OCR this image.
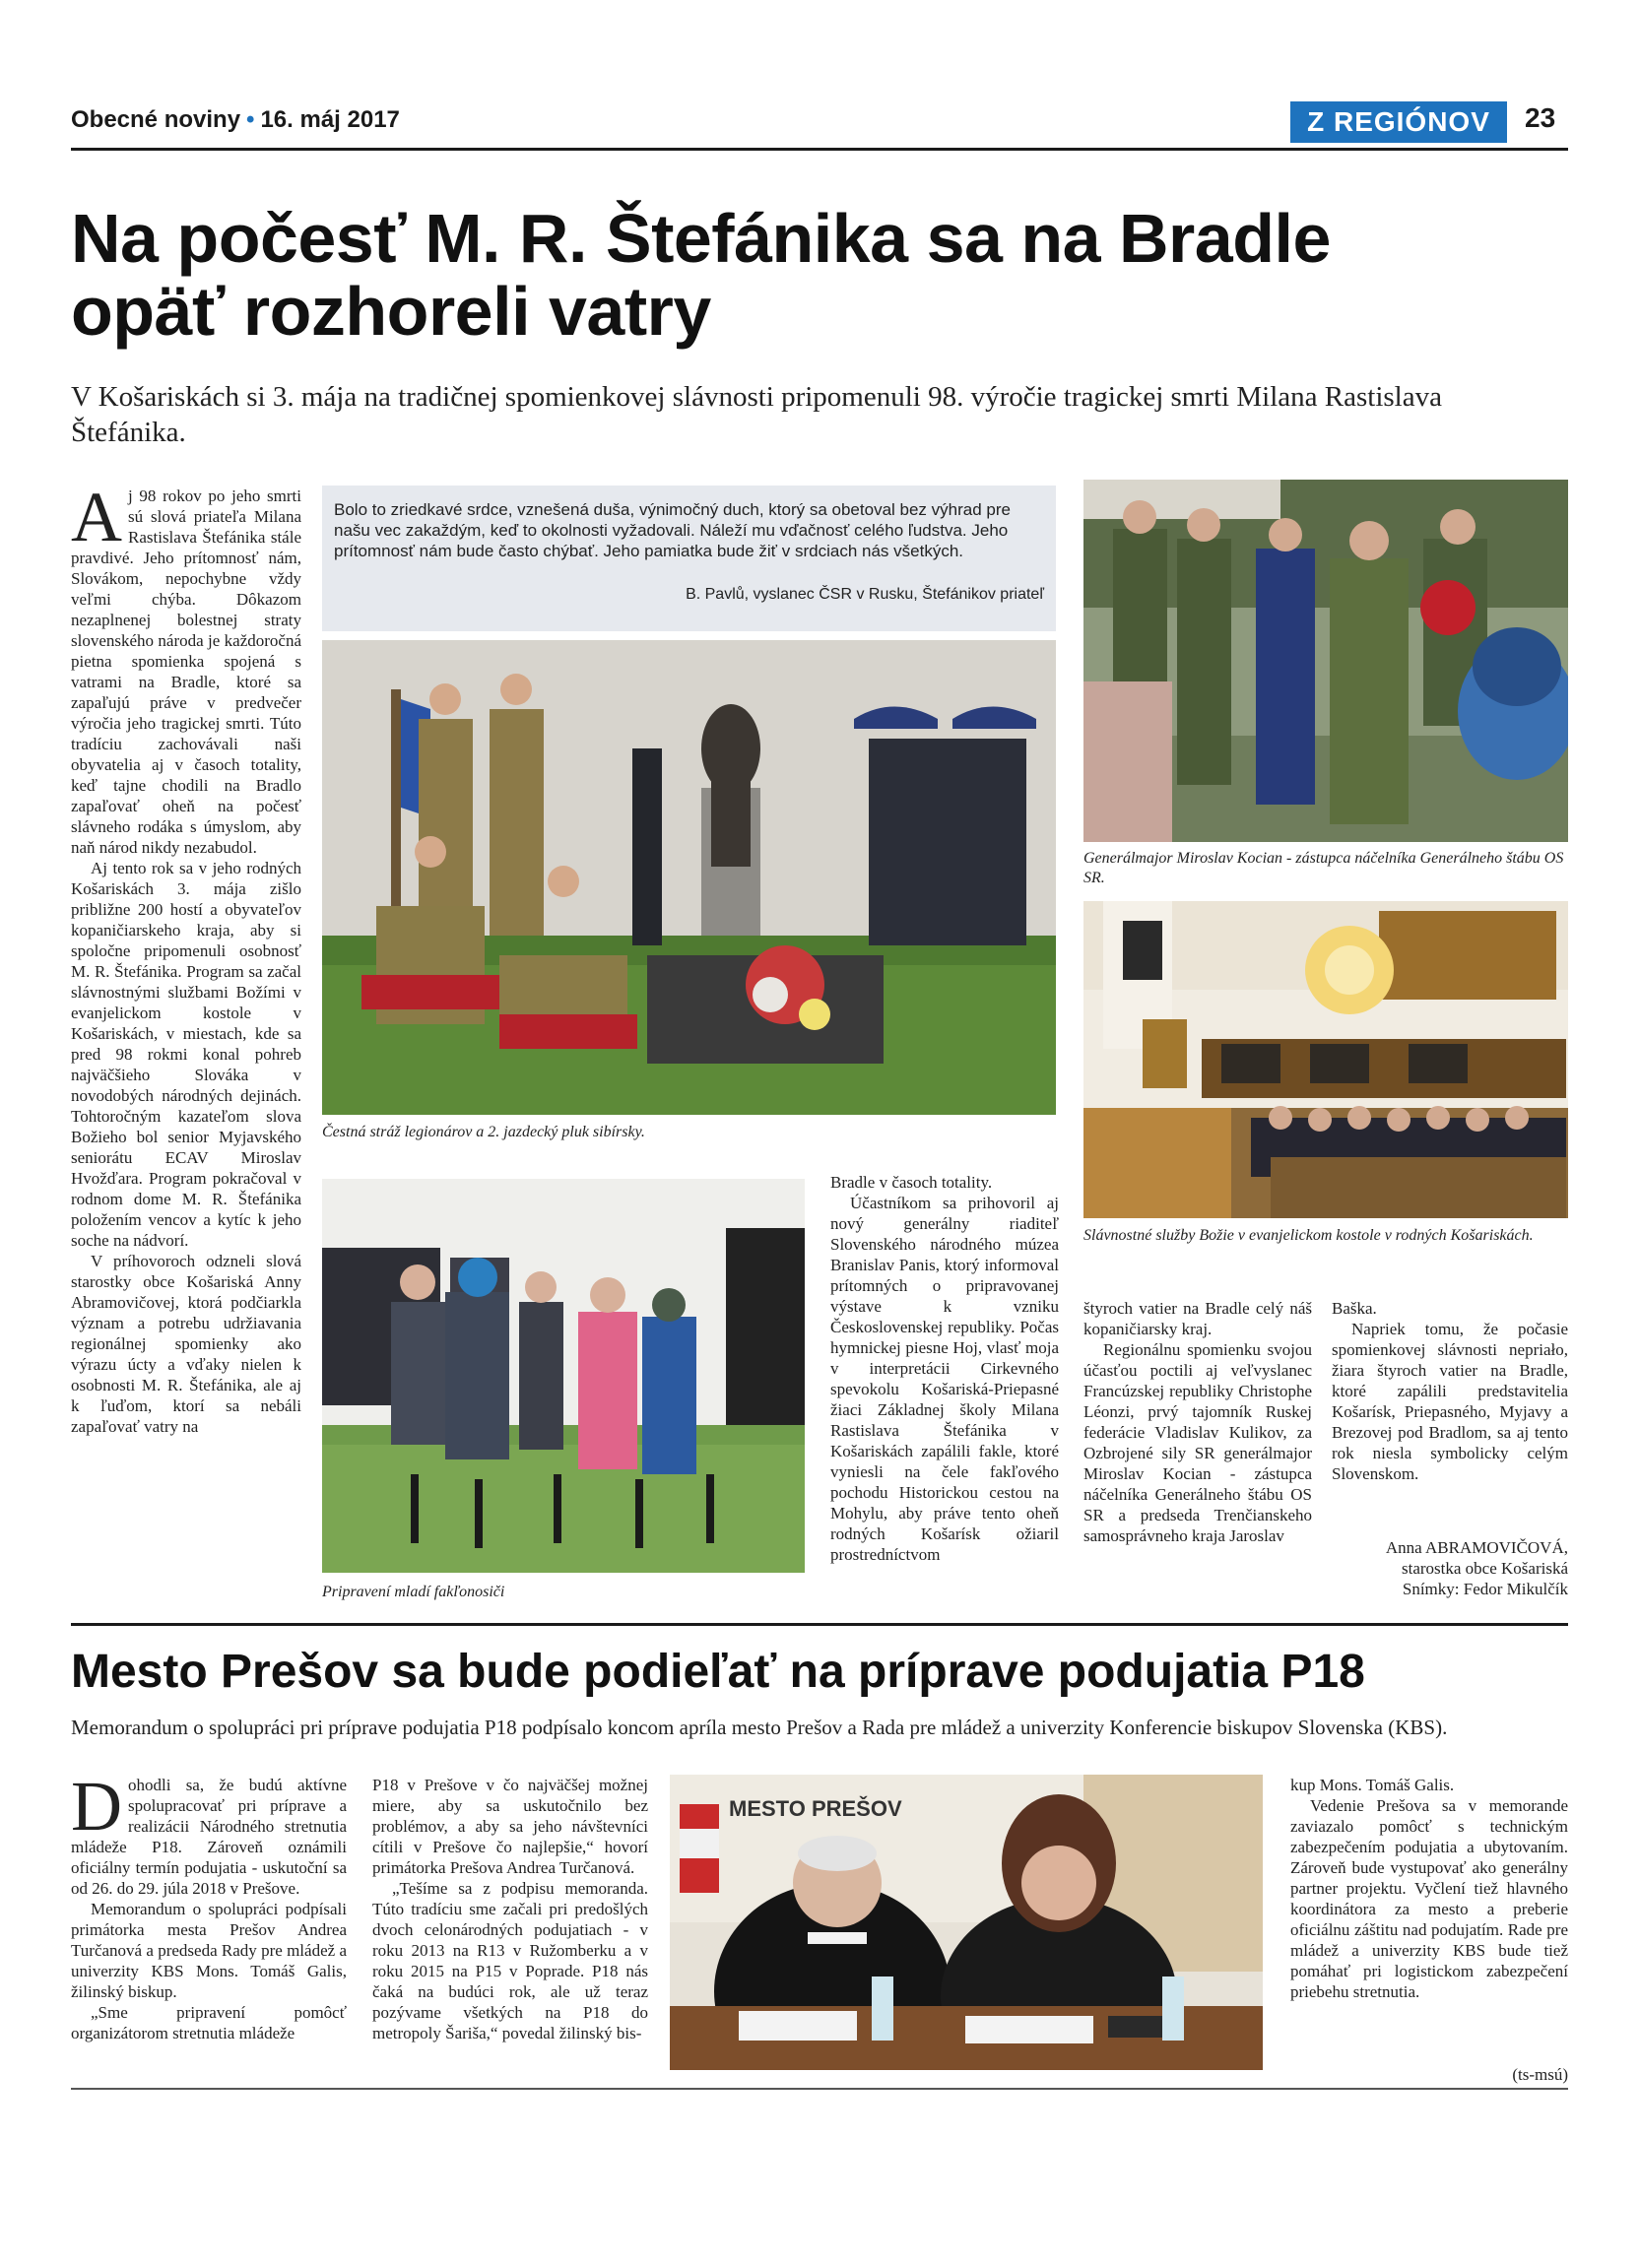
Obecné noviny • 16. máj 2017	Z REGIÓNOV	23
Na počesť M. R. Štefánika sa na Bradle
opäť rozhoreli vatry
V Košariskách si 3. mája na tradičnej spomienkovej slávnosti pripomenuli 98. výročie tragickej smrti Milana Rastislava Štefánika.

Aj 98 rokov po jeho smrti sú slová priateľa Milana Rastislava Štefánika stále pravdivé. Jeho prítomnosť nám, Slovákom, nepochybne vždy veľmi chýba. Dôkazom nezaplnenej bolestnej straty slovenského národa je každoročná pietna spomienka spojená s vatrami na Bradle, ktoré sa zapaľujú práve v predvečer výročia jeho tragickej smrti. Túto tradíciu zachovávali naši obyvatelia aj v časoch totality, keď tajne chodili na Bradlo zapaľovať oheň na počesť slávneho rodáka s úmyslom, aby naň národ nikdy nezabudol.

Aj tento rok sa v jeho rodných Košariskách 3. mája zišlo približne 200 hostí a obyvateľov kopaničiarskeho kraja, aby si spoločne pripomenuli osobnosť M. R. Štefánika. Program sa začal slávnostnými službami Božími v evanjelickom kostole v Košariskách, v miestach, kde sa pred 98 rokmi konal pohreb najväčšieho Slováka v novodobých národných dejinách. Tohtoročným kazateľom slova Božieho bol senior Myjavského seniorátu ECAV Miroslav Hvožďara. Program pokračoval v rodnom dome M. R. Štefánika položením vencov a kytíc k jeho soche na nádvorí.

V príhovoroch odzneli slová starostky obce Košariská Anny Abramovičovej, ktorá podčiarkla význam a potrebu udržiavania regionálnej spomienky ako výrazu úcty a vďaky nielen k osobnosti M. R. Štefánika, ale aj k ľuďom, ktorí sa nebáli zapaľovať vatry na

Bolo to zriedkavé srdce, vznešená duša, výnimočný duch, ktorý sa obetoval bez výhrad pre našu vec zakaždým, keď to okolnosti vyžadovali. Náleží mu vďačnosť celého ľudstva. Jeho prítomnosť nám bude často chýbať. Jeho pamiatka bude žiť v srdciach nás všetkých.
B. Pavlů, vyslanec ČSR v Rusku, Štefánikov priateľ
Čestná stráž legionárov a 2. jazdecký pluk sibírsky.
Pripravení mladí fakľonosiči

Bradle v časoch totality.

Účastníkom sa prihovoril aj nový generálny riaditeľ Slovenského národného múzea Branislav Panis, ktorý informoval prítomných o pripravovanej výstave k vzniku Československej republiky. Počas hymnickej piesne Hoj, vlasť moja v interpretácii Cirkevného spevokolu Košariská-Priepasné žiaci Základnej školy Milana Rastislava Štefánika v Košariskách zapálili fakle, ktoré vyniesli na čele fakľového pochodu Historickou cestou na Mohylu, aby práve tento oheň rodných Košarísk ožiaril prostredníctvom

Generálmajor Miroslav Kocian - zástupca náčelníka Generálneho štábu OS SR.
Slávnostné služby Božie v evanjelickom kostole v rodných Košariskách.

štyroch vatier na Bradle celý náš kopaničiarsky kraj.

Regionálnu spomienku svojou účasťou poctili aj veľvyslanec Francúzskej republiky Christophe Léonzi, prvý tajomník Ruskej federácie Vladislav Kulikov, za Ozbrojené sily SR generálmajor Miroslav Kocian - zástupca náčelníka Generálneho štábu OS SR a predseda Trenčianskeho samosprávneho kraja Jaroslav

Baška.

Napriek tomu, že počasie spomienkovej slávnosti nepriało, žiara štyroch vatier na Bradle, ktoré zapálili predstavitelia Košarísk, Priepasného, Myjavy a Brezovej pod Bradlom, sa aj tento rok niesla symbolicky celým Slovenskom.

Anna ABRAMOVIČOVÁ,
starostka obce Košariská
Snímky: Fedor Mikulčík
Mesto Prešov sa bude podieľať na príprave podujatia P18
Memorandum o spolupráci pri príprave podujatia P18 podpísalo koncom apríla mesto Prešov a Rada pre mládež a univerzity Konferencie biskupov Slovenska (KBS).

Dohodli sa, že budú aktívne spolupracovať pri príprave a realizácii Národného stretnutia mládeže P18. Zároveň oznámili oficiálny termín podujatia - uskutoční sa od 26. do 29. júla 2018 v Prešove.

Memorandum o spolupráci podpísali primátorka mesta Prešov Andrea Turčanová a predseda Rady pre mládež a univerzity KBS Mons. Tomáš Galis, žilinský biskup.

„Sme pripravení pomôcť organizátorom stretnutia mládeže

P18 v Prešove v čo najväčšej možnej miere, aby sa uskutočnilo bez problémov, a aby sa jeho návštevníci cítili v Prešove čo najlepšie,“ hovorí primátorka Prešova Andrea Turčanová.

„Tešíme sa z podpisu memoranda. Túto tradíciu sme začali pri predošlých dvoch celonárodných podujatiach - v roku 2013 na R13 v Ružomberku a v roku 2015 na P15 v Poprade. P18 nás čaká na budúci rok, ale už teraz pozývame všetkých na P18 do metropoly Šariša,“ povedal žilinský bis-

MESTO PREŠOV

kup Mons. Tomáš Galis.

Vedenie Prešova sa v memorande zaviazalo pomôcť s technickým zabezpečením podujatia a ubytovaním. Zároveň bude vystupovať ako generálny partner projektu. Vyčlení tiež hlavného koordinátora za mesto a preberie oficiálnu záštitu nad podujatím. Rade pre mládež a univerzity KBS bude tiež pomáhať pri logistickom zabezpečení priebehu stretnutia.

(ts-msú)
